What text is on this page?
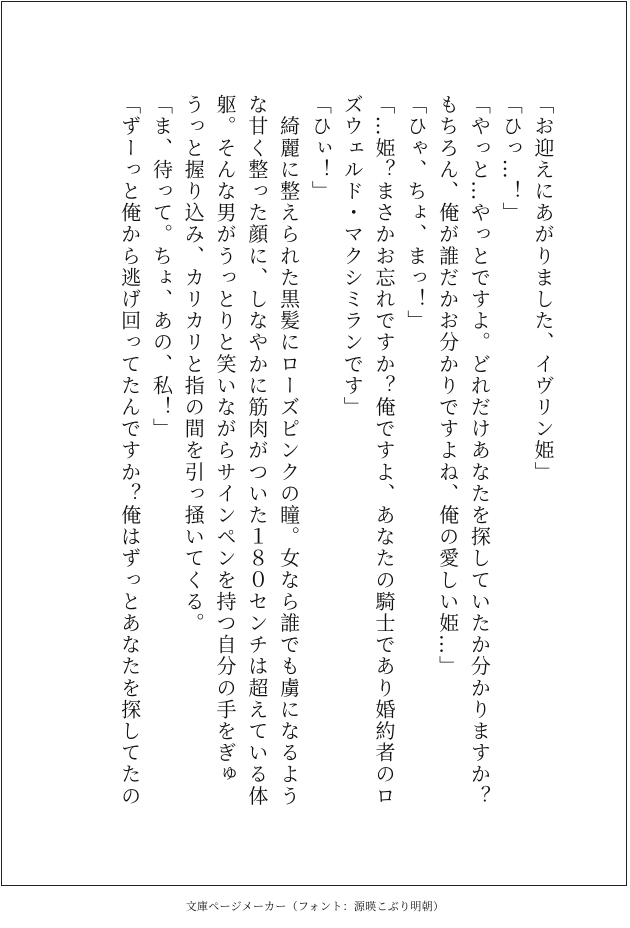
「お迎えにあがりました、イヴリン姫」

「ひっ…！」

「やっと…やっとですよ。どれだけあなたを探していたか分かりますか？

もちろん、俺が誰だかお分かりですよね、俺の愛しい姫…」

「ひゃ、ちょ、まっ！」

「…姫？まさかお忘れですか？俺ですよ、あなたの騎士であり婚約者のロ

ズウェルド・マクシミランです」

「ひぃ！」

　綺麗に整えられた黒髪にローズピンクの瞳。女なら誰でも虜になるよう

な甘く整った顔に、しなやかに筋肉がついた１８０センチは超えている体

躯。そんな男がうっとりと笑いながらサインペンを持つ自分の手をぎゅ

うっと握り込み、カリカリと指の間を引っ掻いてくる。

「ま、待って。ちょ、あの、私！」

「ずーっと俺から逃げ回ってたんですか？俺はずっとあなたを探してたの

文庫ページメーカー（フォント：源暎こぶり明朝）
